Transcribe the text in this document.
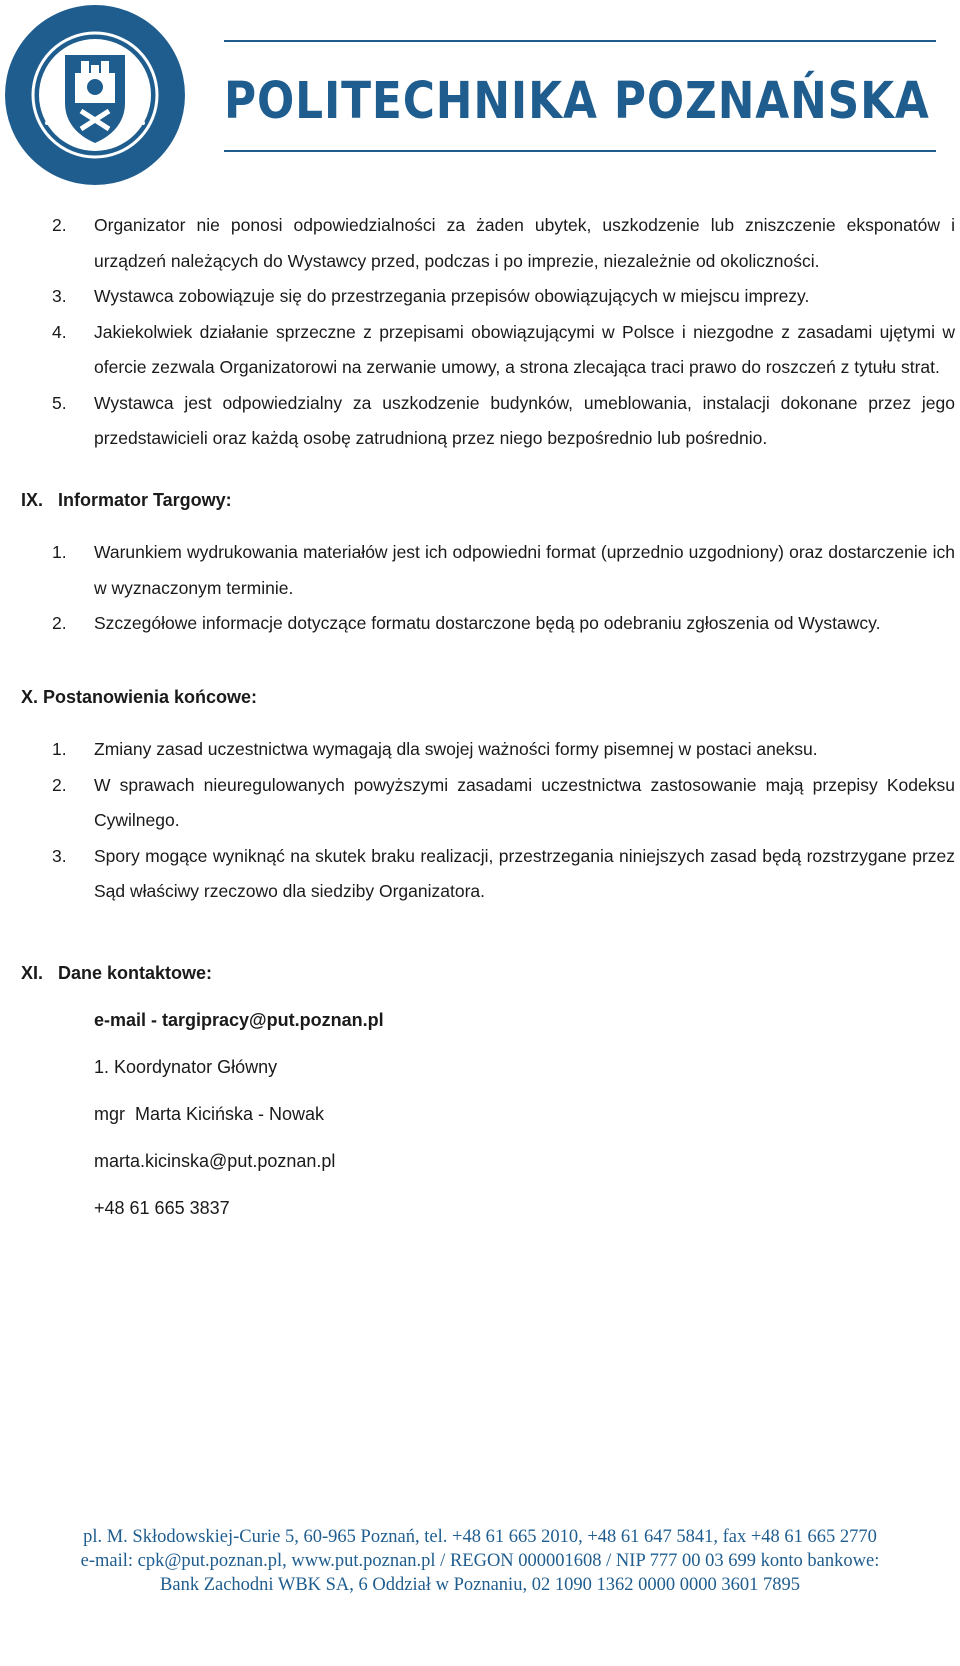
POLITECHNIKA POZNAŃSKA
2.	Organizator nie ponosi odpowiedzialności za żaden ubytek, uszkodzenie lub zniszczenie eksponatów i urządzeń należących do Wystawcy przed, podczas i po imprezie, niezależnie od okoliczności.
3.	Wystawca zobowiązuje się do przestrzegania przepisów obowiązujących w miejscu imprezy.
4.	Jakiekolwiek działanie sprzeczne z przepisami obowiązującymi w Polsce i niezgodne z zasadami ujętymi w ofercie zezwala Organizatorowi na zerwanie umowy, a strona zlecająca traci prawo do roszczeń z tytułu strat.
5.	Wystawca jest odpowiedzialny za uszkodzenie budynków, umeblowania, instalacji dokonane przez jego przedstawicieli oraz każdą osobę zatrudnioną przez niego bezpośrednio lub pośrednio.
IX. Informator Targowy:
1.	Warunkiem wydrukowania materiałów jest ich odpowiedni format (uprzednio uzgodniony) oraz dostarczenie ich w wyznaczonym terminie.
2.	Szczegółowe informacje dotyczące formatu dostarczone będą po odebraniu zgłoszenia od Wystawcy.
X. Postanowienia końcowe:
1.	Zmiany zasad uczestnictwa wymagają dla swojej ważności formy pisemnej w postaci aneksu.
2.	W sprawach nieuregulowanych powyższymi zasadami uczestnictwa zastosowanie mają przepisy Kodeksu Cywilnego.
3.	Spory mogące wyniknąć na skutek braku realizacji, przestrzegania niniejszych zasad będą rozstrzygane przez Sąd właściwy rzeczowo dla siedziby Organizatora.
XI. Dane kontaktowe:
e-mail - targipracy@put.poznan.pl
1. Koordynator Główny
mgr  Marta Kicińska - Nowak
marta.kicinska@put.poznan.pl
+48 61 665 3837
pl. M. Skłodowskiej-Curie 5, 60-965 Poznań, tel. +48 61 665 2010, +48 61 647 5841, fax +48 61 665 2770
e-mail: cpk@put.poznan.pl, www.put.poznan.pl / REGON 000001608 / NIP 777 00 03 699 konto bankowe:
Bank Zachodni WBK SA, 6 Oddział w Poznaniu, 02 1090 1362 0000 0000 3601 7895
